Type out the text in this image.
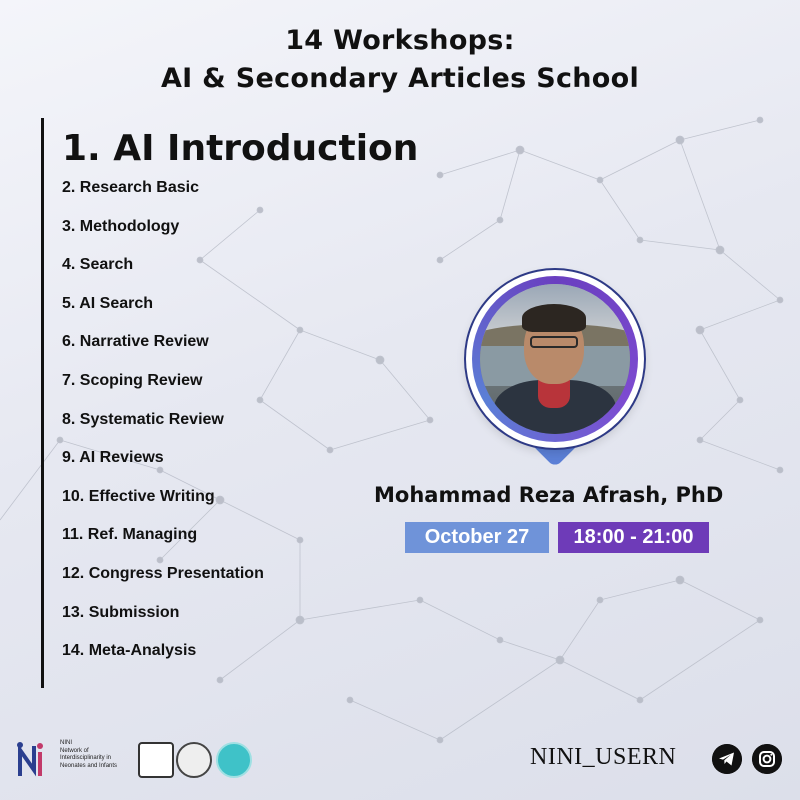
14 Workshops:
AI & Secondary Articles School
1. AI Introduction
2. Research Basic
3. Methodology
4. Search
5. AI Search
6. Narrative Review
7. Scoping Review
8. Systematic Review
9. AI Reviews
10. Effective Writing
11. Ref. Managing
12. Congress Presentation
13. Submission
14. Meta-Analysis
Mohammad Reza Afrash, PhD
October 27	18:00 - 21:00
NINI
Network of
Interdisciplinarity in
Neonates and Infants	NINI_USERN
